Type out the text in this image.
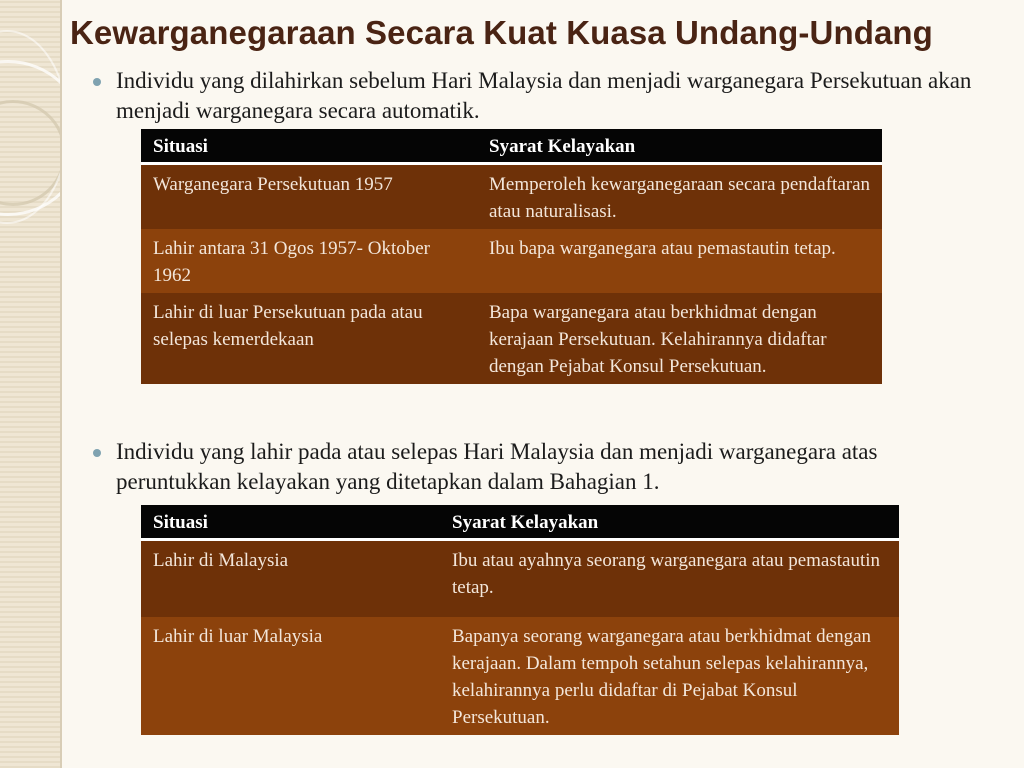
Kewarganegaraan Secara Kuat Kuasa Undang-Undang
Individu yang dilahirkan sebelum Hari Malaysia dan menjadi warganegara Persekutuan akan menjadi warganegara secara automatik.
Situasi	Syarat Kelayakan
Warganegara Persekutuan 1957	Memperoleh kewarganegaraan secara pendaftaran atau naturalisasi.
Lahir antara 31 Ogos 1957- Oktober 1962	Ibu bapa warganegara atau pemastautin tetap.
Lahir di luar Persekutuan pada atau selepas kemerdekaan	Bapa warganegara atau berkhidmat dengan kerajaan Persekutuan. Kelahirannya didaftar dengan Pejabat Konsul Persekutuan.
Individu yang lahir pada atau selepas Hari Malaysia dan menjadi warganegara atas peruntukkan kelayakan yang ditetapkan dalam Bahagian 1.
Situasi	Syarat Kelayakan
Lahir di Malaysia	Ibu atau ayahnya seorang warganegara atau pemastautin tetap.
Lahir di luar Malaysia	Bapanya seorang warganegara atau berkhidmat dengan kerajaan. Dalam tempoh setahun selepas kelahirannya, kelahirannya perlu didaftar di Pejabat Konsul Persekutuan.
